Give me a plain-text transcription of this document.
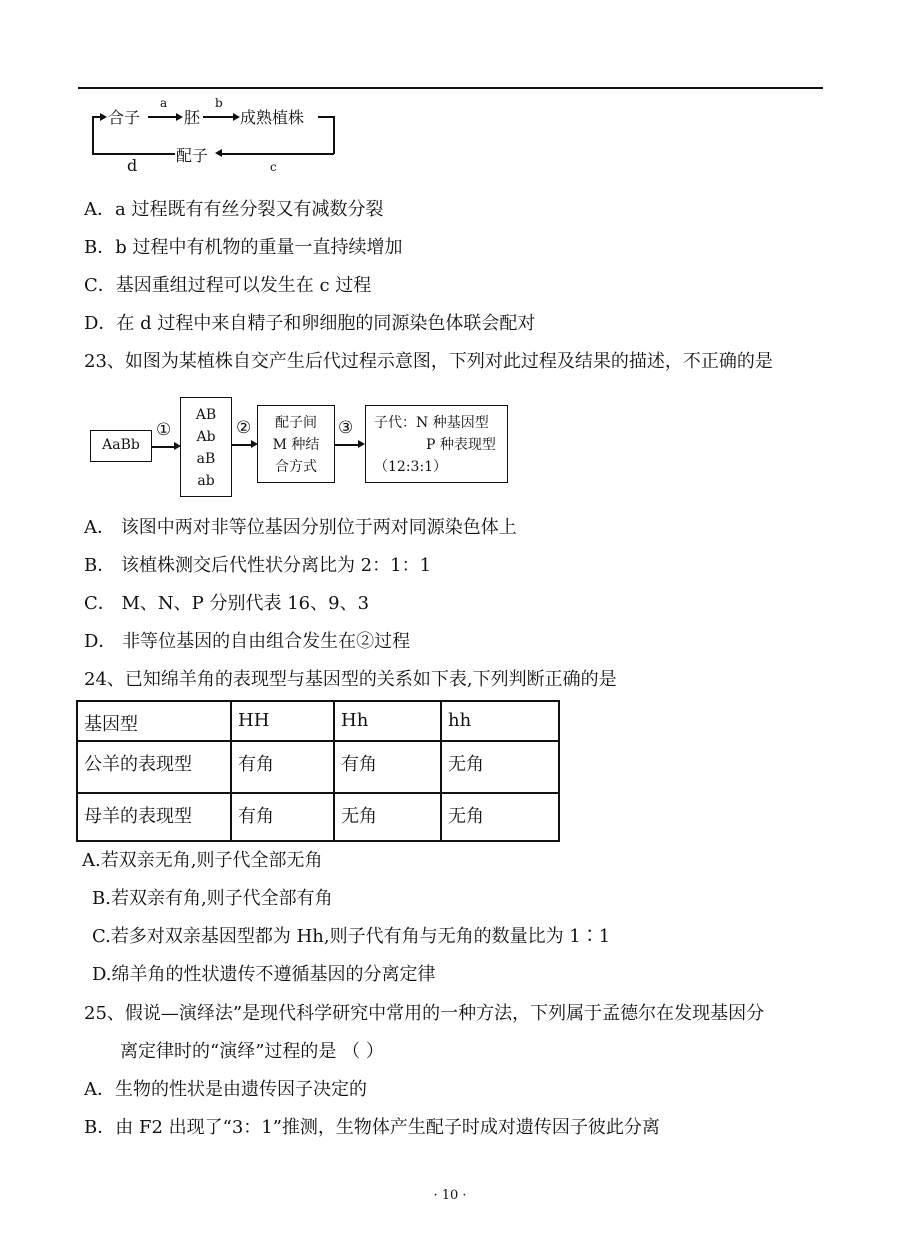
合子
a
胚
b
成熟植株
c
配子
d
A．a 过程既有有丝分裂又有减数分裂
B．b 过程中有机物的重量一直持续增加
C．基因重组过程可以发生在 c 过程
D．在 d 过程中来自精子和卵细胞的同源染色体联会配对
23、如图为某植株自交产生后代过程示意图，下列对此过程及结果的描述，不正确的是
AaBb
①
AB
Ab
aB
ab
②	配子间
M 种结
合方式
③ 子代：N 种基因型
P 种表现型
（12:3:1）
A． 该图中两对非等位基因分别位于两对同源染色体上
B． 该植株测交后代性状分离比为 2：1：1
C． M、N、P 分别代表 16、9、3
D． 非等位基因的自由组合发生在②过程
24、已知绵羊角的表现型与基因型的关系如下表,下列判断正确的是
基因型	HH	Hh	hh
公羊的表现型	有角	有角	无角
母羊的表现型	有角	无角	无角
A.若双亲无角,则子代全部无角
B.若双亲有角,则子代全部有角
C.若多对双亲基因型都为 Hh,则子代有角与无角的数量比为 1∶1
D.绵羊角的性状遗传不遵循基因的分离定律
25、假说—演绎法”是现代科学研究中常用的一种方法，下列属于孟德尔在发现基因分
离定律时的“演绎”过程的是 （ ）
A．生物的性状是由遗传因子决定的
B．由 F2 出现了“3：1”推测，生物体产生配子时成对遗传因子彼此分离
· 10 ·
